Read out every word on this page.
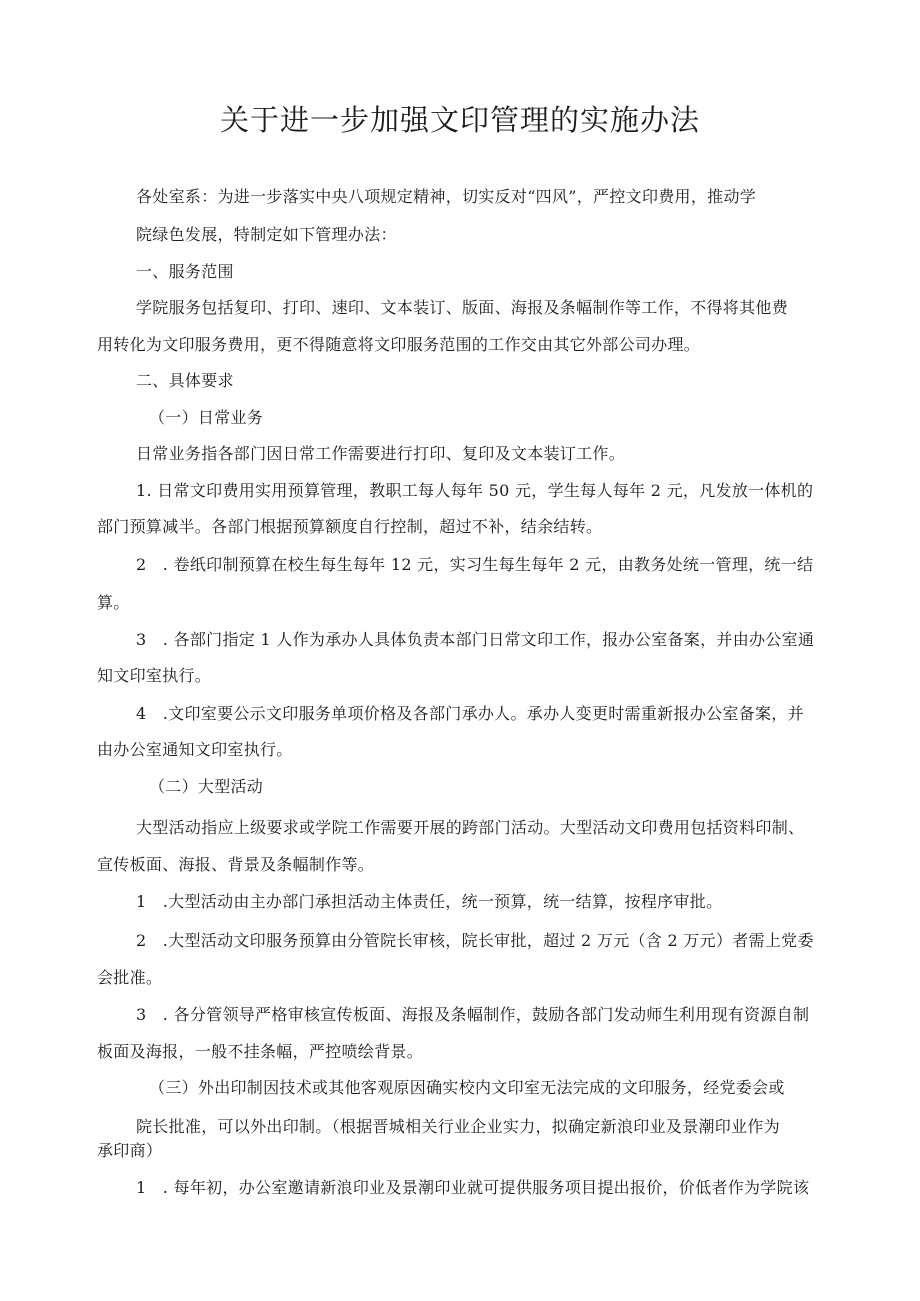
关于进一步加强文印管理的实施办法
各处室系：为进一步落实中央八项规定精神，切实反对“四风”，严控文印费用，推动学
院绿色发展，特制定如下管理办法：
一、服务范围
学院服务包括复印、打印、速印、文本装订、版面、海报及条幅制作等工作，不得将其他费
用转化为文印服务费用，更不得随意将文印服务范围的工作交由其它外部公司办理。
二、具体要求
（一）日常业务
日常业务指各部门因日常工作需要进行打印、复印及文本装订工作。
1. 日常文印费用实用预算管理，教职工每人每年 50 元，学生每人每年 2 元，凡发放一体机的
部门预算减半。各部门根据预算额度自行控制，超过不补，结余结转。
2　. 卷纸印制预算在校生每生每年 12 元，实习生每生每年 2 元，由教务处统一管理，统一结
算。
3　. 各部门指定 1 人作为承办人具体负责本部门日常文印工作，报办公室备案，并由办公室通
知文印室执行。
4　.文印室要公示文印服务单项价格及各部门承办人。承办人变更时需重新报办公室备案，并
由办公室通知文印室执行。
（二）大型活动
大型活动指应上级要求或学院工作需要开展的跨部门活动。大型活动文印费用包括资料印制、
宣传板面、海报、背景及条幅制作等。
1　.大型活动由主办部门承担活动主体责任，统一预算，统一结算，按程序审批。
2　.大型活动文印服务预算由分管院长审核，院长审批，超过 2 万元（含 2 万元）者需上党委
会批准。
3　. 各分管领导严格审核宣传板面、海报及条幅制作，鼓励各部门发动师生利用现有资源自制
板面及海报，一般不挂条幅，严控喷绘背景。
（三）外出印制因技术或其他客观原因确实校内文印室无法完成的文印服务，经党委会或
院长批准，可以外出印制。（根据晋城相关行业企业实力，拟确定新浪印业及景潮印业作为
承印商）
1　. 每年初，办公室邀请新浪印业及景潮印业就可提供服务项目提出报价，价低者作为学院该
